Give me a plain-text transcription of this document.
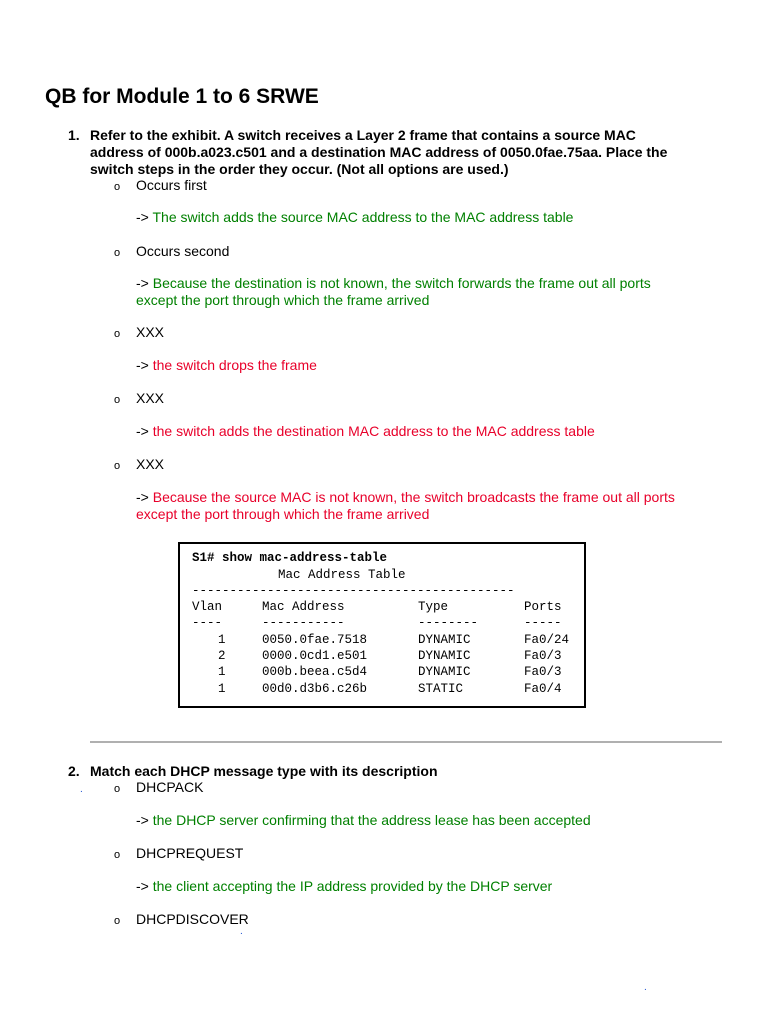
QB for Module 1 to 6 SRWE
1. Refer to the exhibit. A switch receives a Layer 2 frame that contains a source MAC
address of 000b.a023.c501 and a destination MAC address of 0050.0fae.75aa. Place the
switch steps in the order they occur. (Not all options are used.)
o Occurs first
-> The switch adds the source MAC address to the MAC address table
o Occurs second
-> Because the destination is not known, the switch forwards the frame out all ports
except the port through which the frame arrived
o XXX
-> the switch drops the frame
o XXX
-> the switch adds the destination MAC address to the MAC address table
o XXX
-> Because the source MAC is not known, the switch broadcasts the frame out all ports
except the port through which the frame arrived
S1# show mac-address-table
Mac Address Table
-------------------------------------------
Vlan	Mac Address	Type	Ports
----	-----------	--------	-----
1	0050.0fae.7518	DYNAMIC	Fa0/24
2	0000.0cd1.e501	DYNAMIC	Fa0/3
1	000b.beea.c5d4	DYNAMIC	Fa0/3
1	00d0.d3b6.c26b	STATIC	Fa0/4
2. Match each DHCP message type with its description
o DHCPACK
-> the DHCP server confirming that the address lease has been accepted
o DHCPREQUEST
-> the client accepting the IP address provided by the DHCP server
o DHCPDISCOVER
.
.
.
